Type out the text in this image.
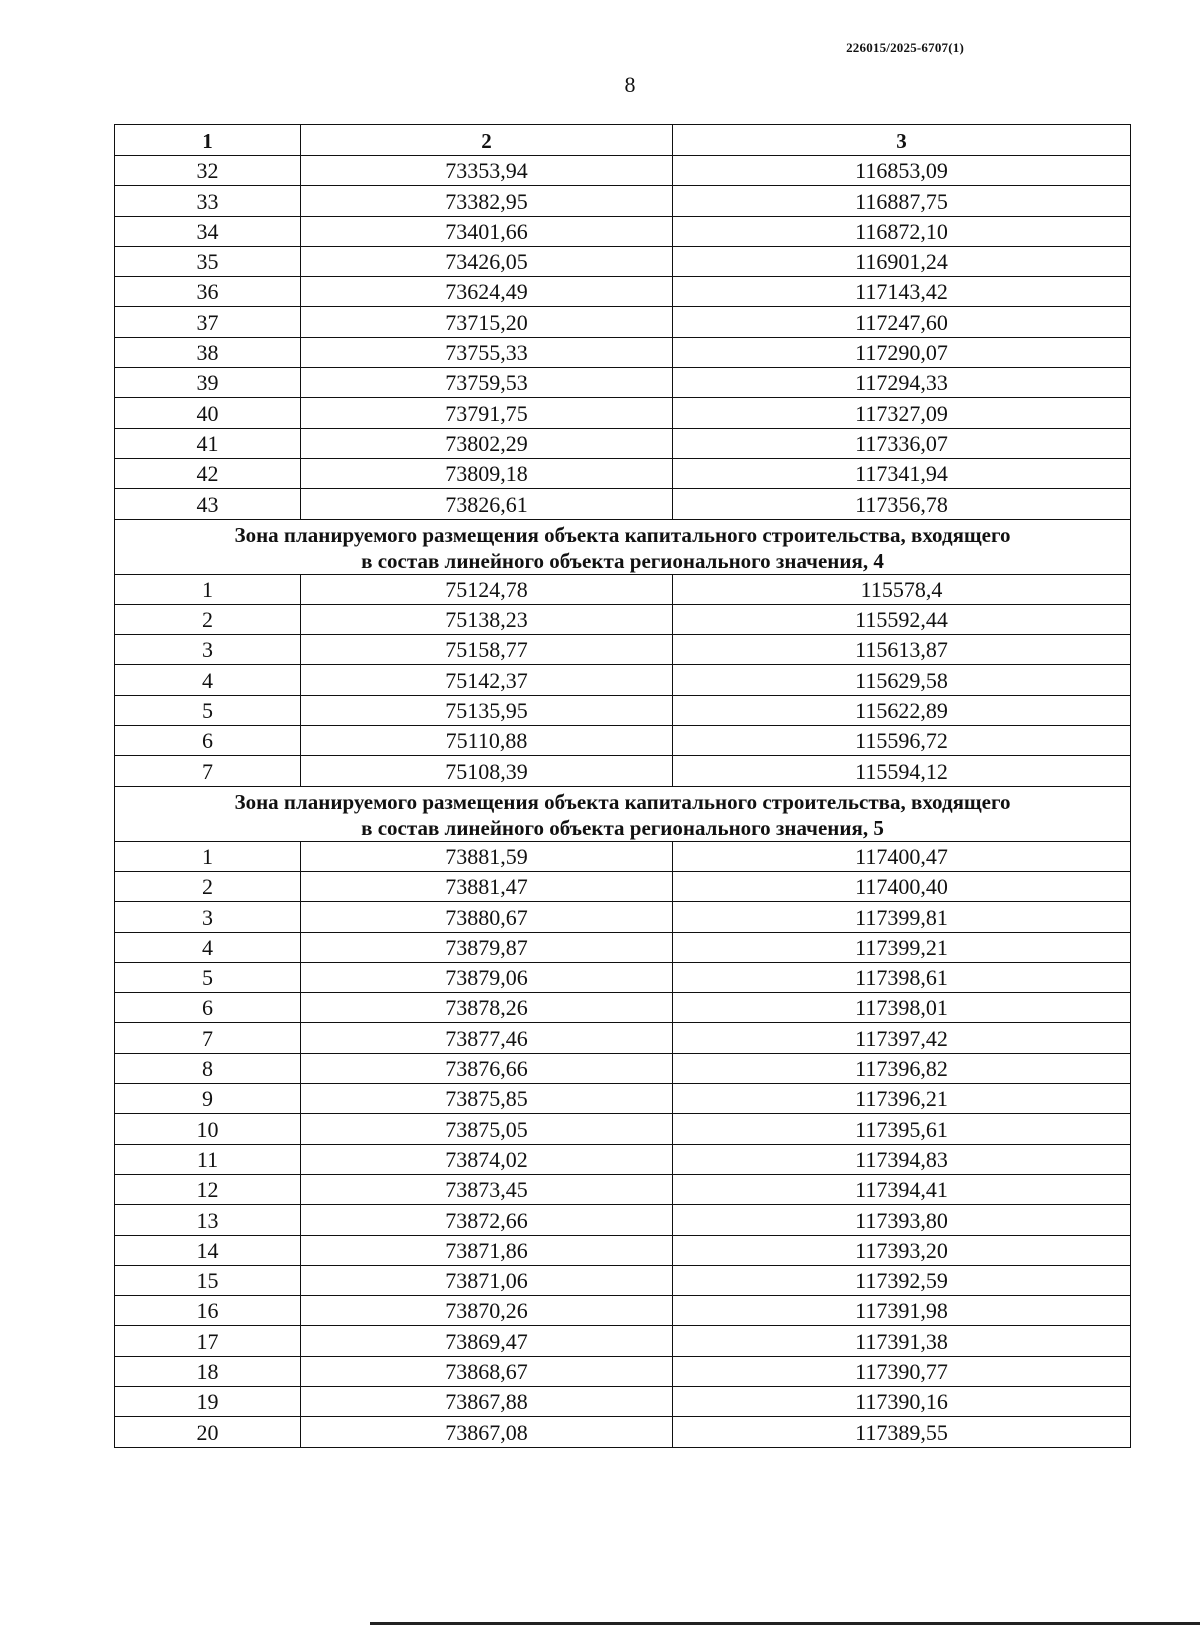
226015/2025-6707(1)
8
1	2	3
32	73353,94	116853,09
33	73382,95	116887,75
34	73401,66	116872,10
35	73426,05	116901,24
36	73624,49	117143,42
37	73715,20	117247,60
38	73755,33	117290,07
39	73759,53	117294,33
40	73791,75	117327,09
41	73802,29	117336,07
42	73809,18	117341,94
43	73826,61	117356,78

Зона планируемого размещения объекта капитального строительства, входящего
в состав линейного объекта регионального значения, 4		

1	75124,78	115578,4
2	75138,23	115592,44
3	75158,77	115613,87
4	75142,37	115629,58
5	75135,95	115622,89
6	75110,88	115596,72
7	75108,39	115594,12

Зона планируемого размещения объекта капитального строительства, входящего
в состав линейного объекта регионального значения, 5		

1	73881,59	117400,47
2	73881,47	117400,40
3	73880,67	117399,81
4	73879,87	117399,21
5	73879,06	117398,61
6	73878,26	117398,01
7	73877,46	117397,42
8	73876,66	117396,82
9	73875,85	117396,21
10	73875,05	117395,61
11	73874,02	117394,83
12	73873,45	117394,41
13	73872,66	117393,80
14	73871,86	117393,20
15	73871,06	117392,59
16	73870,26	117391,98
17	73869,47	117391,38
18	73868,67	117390,77
19	73867,88	117390,16
20	73867,08	117389,55
